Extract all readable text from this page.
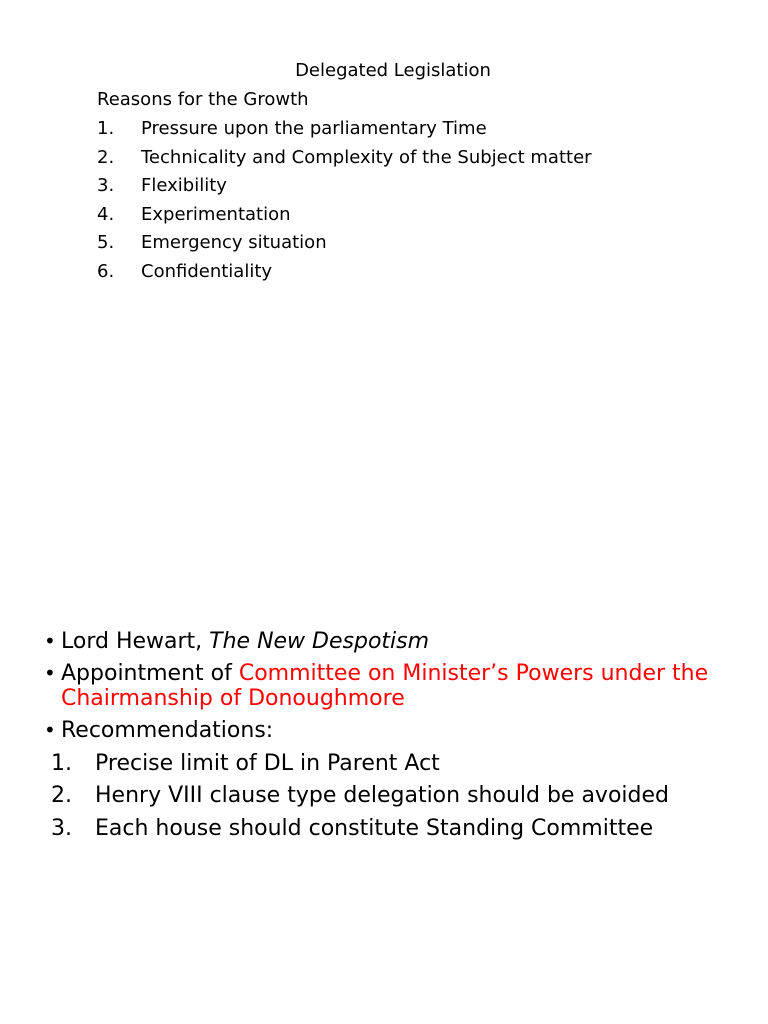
Delegated Legislation
Reasons for the Growth
1. Pressure upon the parliamentary Time
2. Technicality and Complexity of the Subject matter
3. Flexibility
4. Experimentation
5. Emergency situation
6. Confidentiality
• Lord Hewart, The New Despotism
• Appointment of Committee on Minister’s Powers under the Chairmanship of Donoughmore
• Recommendations:
1. Precise limit of DL in Parent Act
2. Henry VIII clause type delegation should be avoided
3. Each house should constitute Standing Committee
